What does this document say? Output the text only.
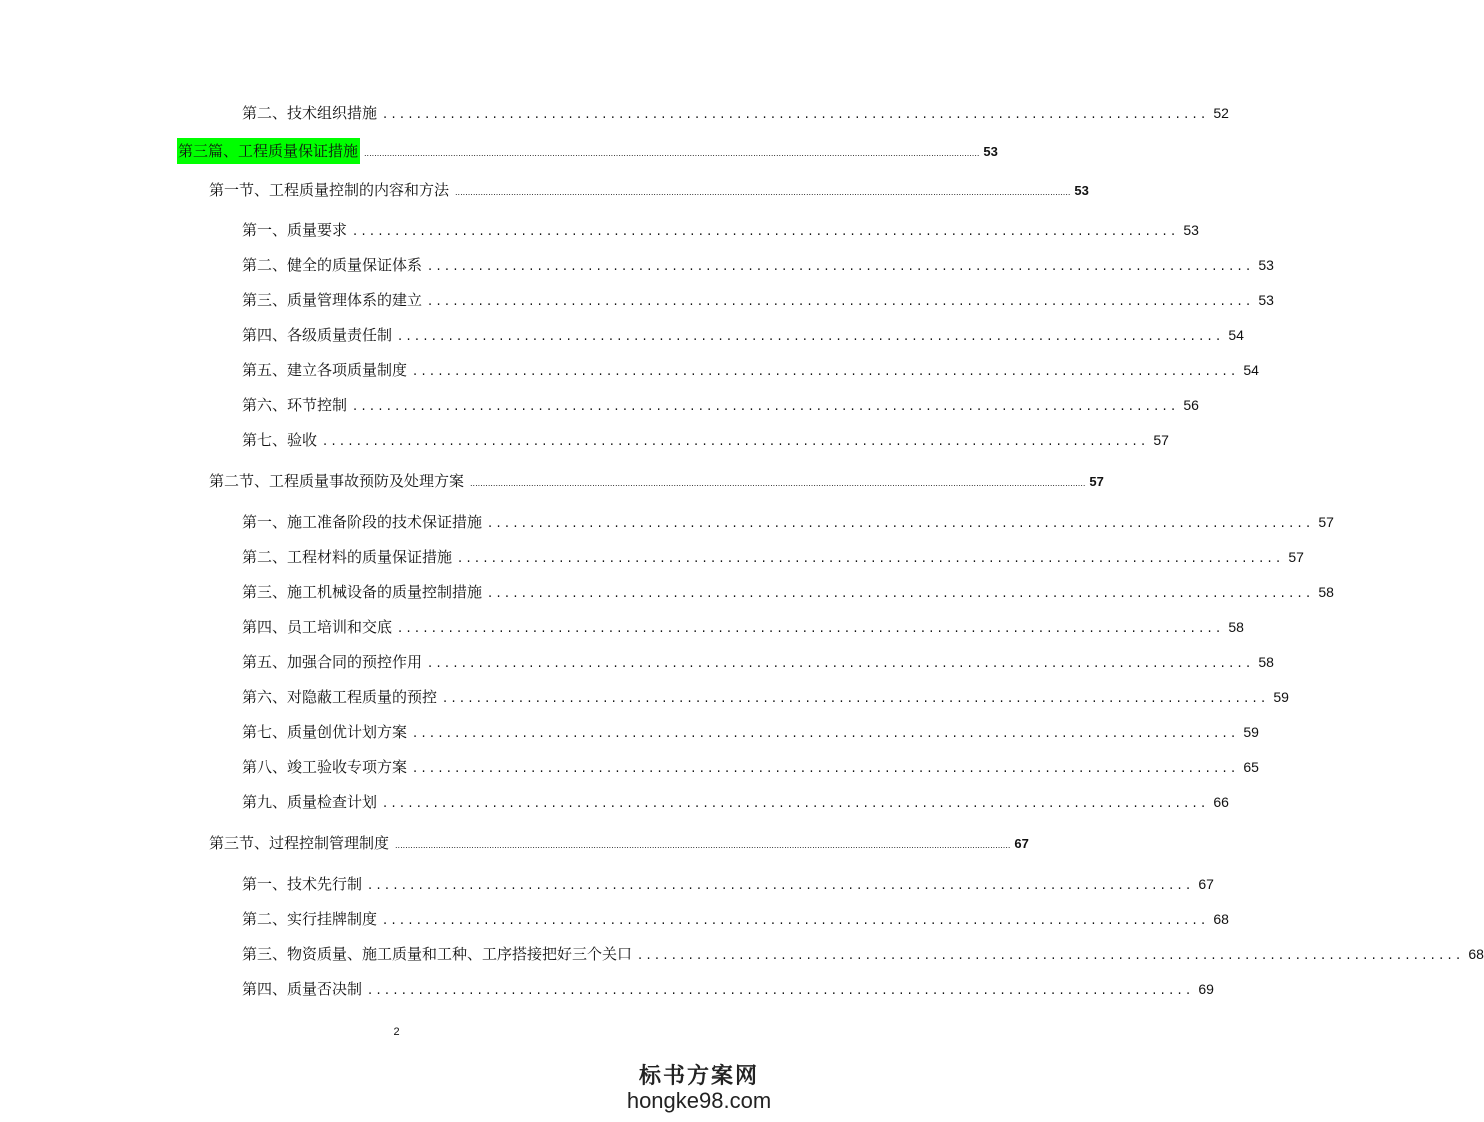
第二、技术组织措施 .................................................................................................. 52
第三篇、工程质量保证措施 .................................................................................................................................................................................................................................................. 53
第一节、工程质量控制的内容和方法 .................................................................................................................................................................................................................................................. 53
第一、质量要求 .................................................................................................. 53
第二、健全的质量保证体系 .................................................................................................. 53
第三、质量管理体系的建立 .................................................................................................. 53
第四、各级质量责任制 .................................................................................................. 54
第五、建立各项质量制度 .................................................................................................. 54
第六、环节控制 .................................................................................................. 56
第七、验收 .................................................................................................. 57
第二节、工程质量事故预防及处理方案 .................................................................................................................................................................................................................................................. 57
第一、施工准备阶段的技术保证措施 .................................................................................................. 57
第二、工程材料的质量保证措施 .................................................................................................. 57
第三、施工机械设备的质量控制措施 .................................................................................................. 58
第四、员工培训和交底 .................................................................................................. 58
第五、加强合同的预控作用 .................................................................................................. 58
第六、对隐蔽工程质量的预控 .................................................................................................. 59
第七、质量创优计划方案 .................................................................................................. 59
第八、竣工验收专项方案 .................................................................................................. 65
第九、质量检查计划 .................................................................................................. 66
第三节、过程控制管理制度 .................................................................................................................................................................................................................................................. 67
第一、技术先行制 .................................................................................................. 67
第二、实行挂牌制度 .................................................................................................. 68
第三、物资质量、施工质量和工种、工序搭接把好三个关口 .................................................................................................. 68
第四、质量否决制 .................................................................................................. 69
2
标书方案网
hongke98.com
